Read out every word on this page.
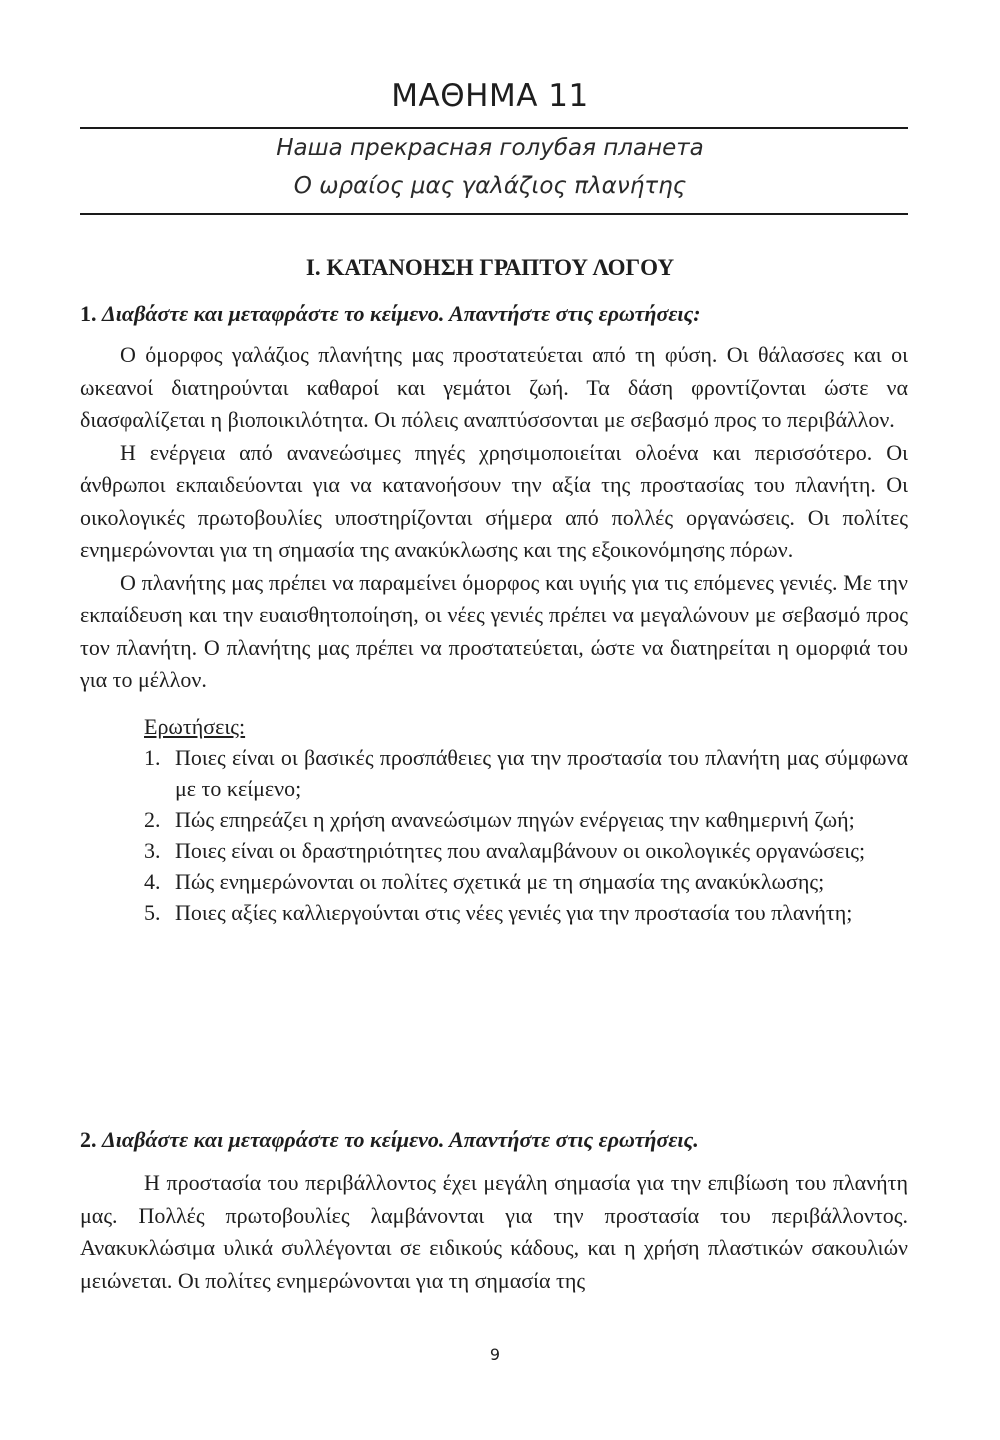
ΜΑΘΗΜΑ 11
Наша прекрасная голубая планета
Ο ωραίος μας γαλάζιος πλανήτης
Ι. ΚΑΤΑΝΟΗΣΗ ΓΡΑΠΤΟΥ ΛΟΓΟΥ

1. Διαβάστε και μεταφράστε το κείμενο. Απαντήστε στις ερωτήσεις:

Ο όμορφος γαλάζιος πλανήτης μας προστατεύεται από τη φύση. Οι θάλασσες και οι ωκεανοί διατηρούνται καθαροί και γεμάτοι ζωή. Τα δάση φροντίζονται ώστε να διασφαλίζεται η βιοποικιλότητα. Οι πόλεις αναπτύσσονται με σεβασμό προς το περιβάλλον.

Η ενέργεια από ανανεώσιμες πηγές χρησιμοποιείται ολοένα και περισσότερο. Οι άνθρωποι εκπαιδεύονται για να κατανοήσουν την αξία της προστασίας του πλανήτη. Οι οικολογικές πρωτοβουλίες υποστηρίζονται σήμερα από πολλές οργανώσεις. Οι πολίτες ενημερώνονται για τη σημασία της ανακύκλωσης και της εξοικονόμησης πόρων.

Ο πλανήτης μας πρέπει να παραμείνει όμορφος και υγιής για τις επόμενες γενιές. Με την εκπαίδευση και την ευαισθητοποίηση, οι νέες γενιές πρέπει να μεγαλώνουν με σεβασμό προς τον πλανήτη. Ο πλανήτης μας πρέπει να προστατεύεται, ώστε να διατηρείται η ομορφιά του για το μέλλον.

Ερωτήσεις:

1. Ποιες είναι οι βασικές προσπάθειες για την προστασία του πλανήτη μας σύμφωνα με το κείμενο;
2. Πώς επηρεάζει η χρήση ανανεώσιμων πηγών ενέργειας την καθημερινή ζωή;
3. Ποιες είναι οι δραστηριότητες που αναλαμβάνουν οι οικολογικές οργανώσεις;
4. Πώς ενημερώνονται οι πολίτες σχετικά με τη σημασία της ανακύκλωσης;
5. Ποιες αξίες καλλιεργούνται στις νέες γενιές για την προστασία του πλανήτη;

2. Διαβάστε και μεταφράστε το κείμενο. Απαντήστε στις ερωτήσεις.

Η προστασία του περιβάλλοντος έχει μεγάλη σημασία για την επιβίωση του πλανήτη μας. Πολλές πρωτοβουλίες λαμβάνονται για την προστασία του περιβάλλοντος. Ανακυκλώσιμα υλικά συλλέγονται σε ειδικούς κάδους, και η χρήση πλαστικών σακουλιών μειώνεται. Οι πολίτες ενημερώνονται για τη σημασία της

9
